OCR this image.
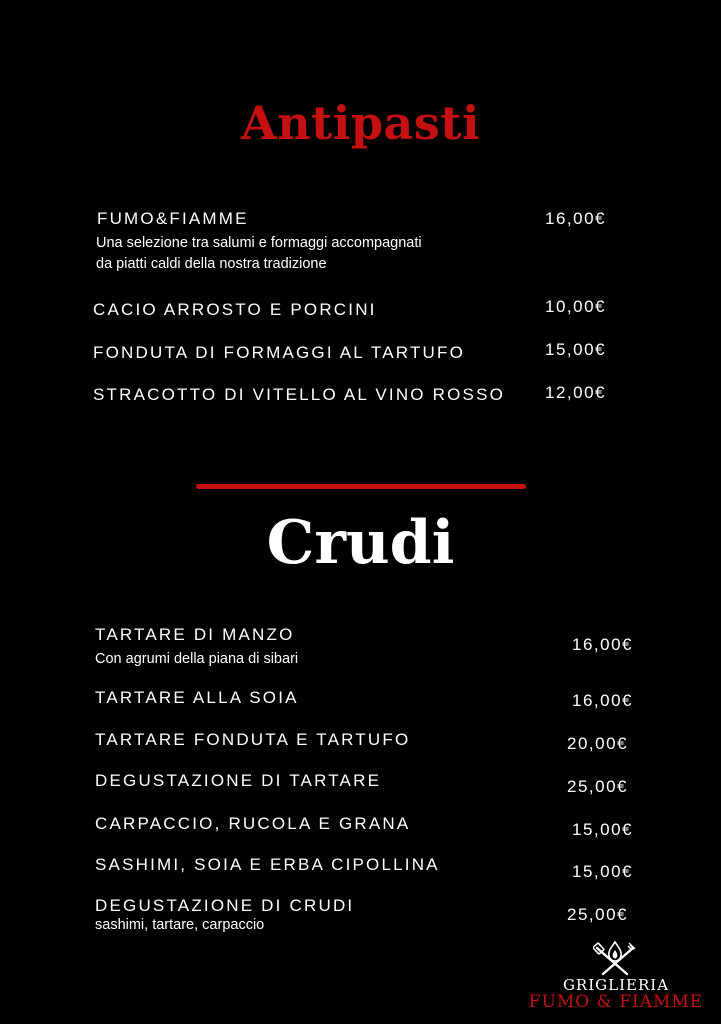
Antipasti
FUMO&FIAMME	16,00€
Una selezione tra salumi e formaggi accompagnati
da piatti caldi della nostra tradizione
CACIO ARROSTO E PORCINI	10,00€
FONDUTA DI FORMAGGI AL TARTUFO	15,00€
STRACOTTO DI VITELLO AL VINO ROSSO 12,00€
Crudi
TARTARE DI MANZO
Con agrumi della piana di sibari
16,00€
TARTARE ALLA SOIA	16,00€
TARTARE FONDUTA E TARTUFO	20,00€
DEGUSTAZIONE DI TARTARE	25,00€
CARPACCIO, RUCOLA E GRANA	15,00€
SASHIMI, SOIA E ERBA CIPOLLINA	15,00€
DEGUSTAZIONE DI CRUDI
sashimi, tartare, carpaccio
25,00€
GRIGLIERIA
FUMO & FIAMME
